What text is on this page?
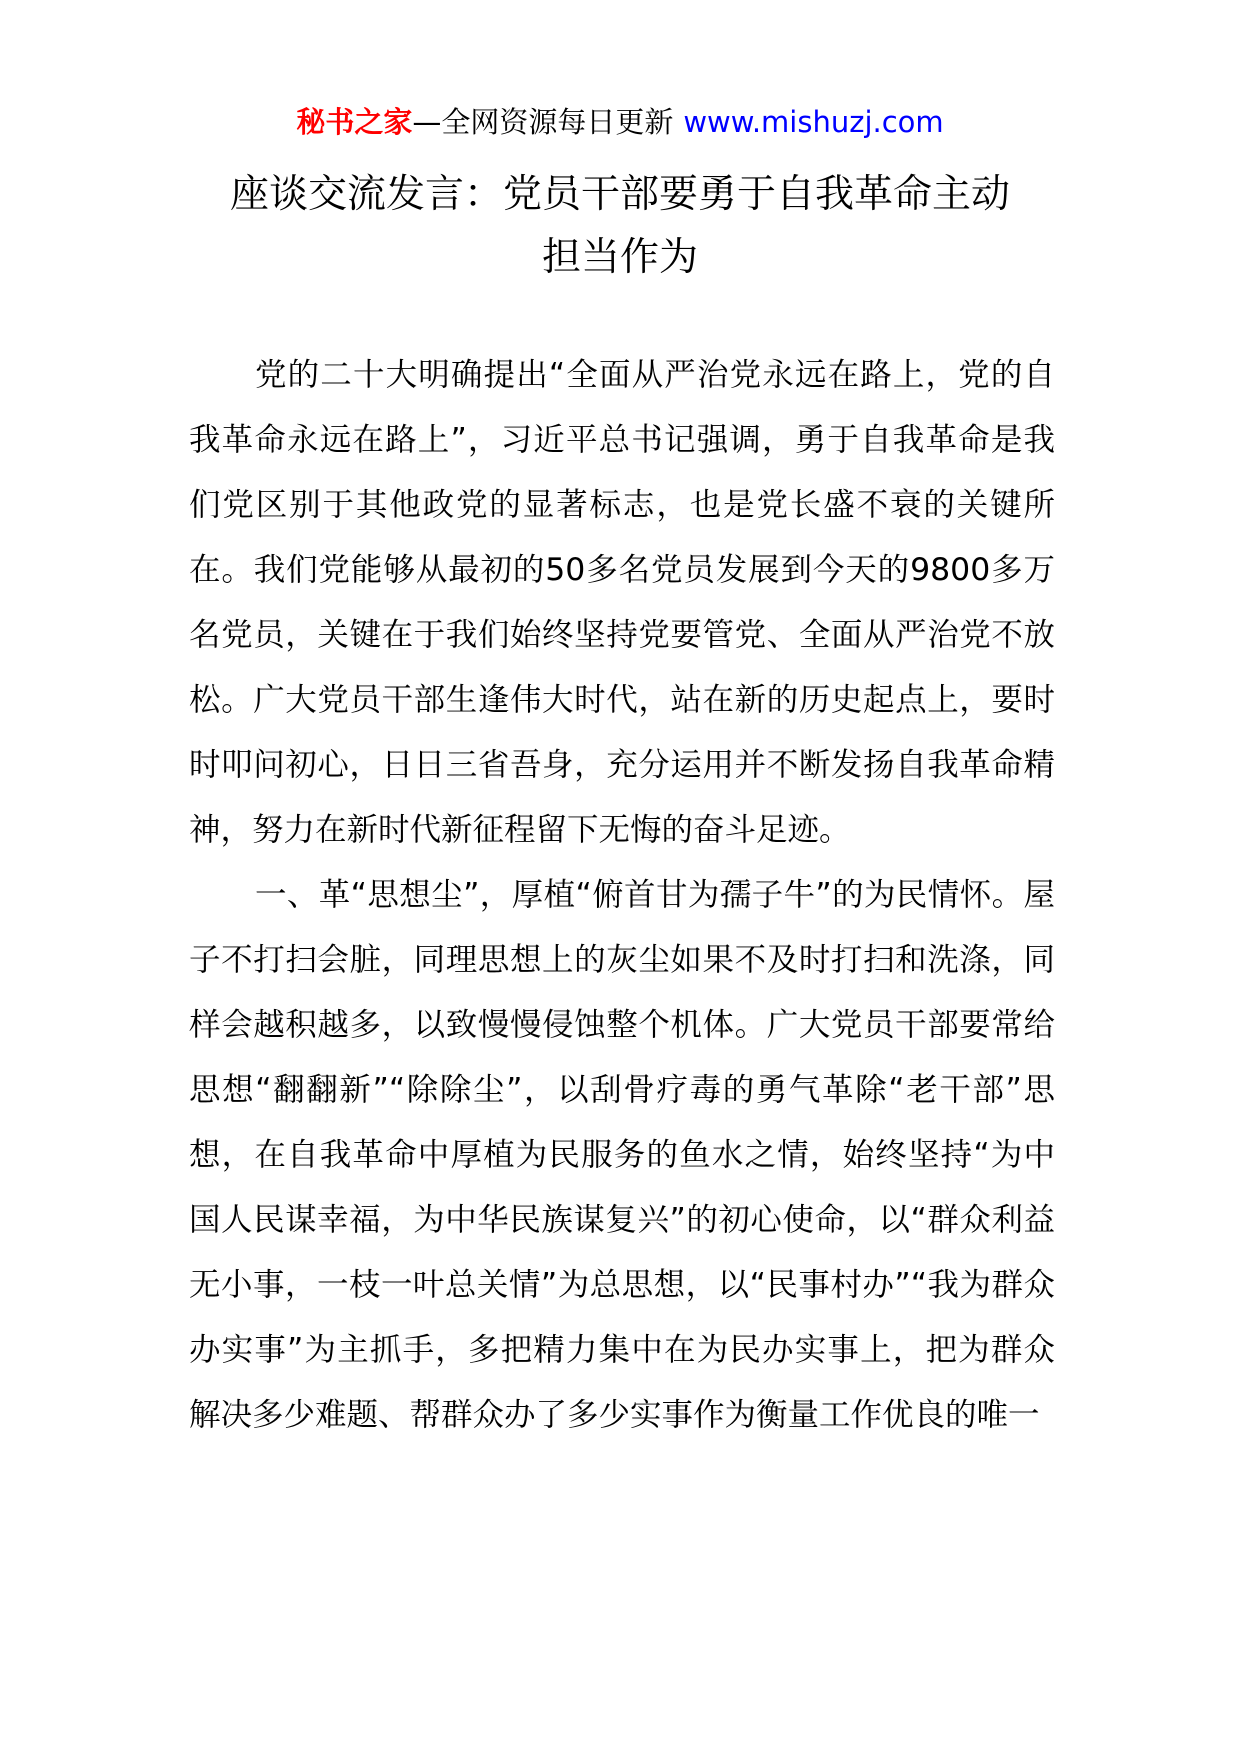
秘书之家—全网资源每日更新 www.mishuzj.com
座谈交流发言：党员干部要勇于自我革命主动
担当作为

党的二十大明确提出“全面从严治党永远在路上，党的自我革命永远在路上”，习近平总书记强调，勇于自我革命是我们党区别于其他政党的显著标志，也是党长盛不衰的关键所在。我们党能够从最初的50多名党员发展到今天的9800多万名党员，关键在于我们始终坚持党要管党、全面从严治党不放松。广大党员干部生逢伟大时代，站在新的历史起点上，要时时叩问初心，日日三省吾身，充分运用并不断发扬自我革命精神，努力在新时代新征程留下无悔的奋斗足迹。

一、革“思想尘”，厚植“俯首甘为孺子牛”的为民情怀。屋子不打扫会脏，同理思想上的灰尘如果不及时打扫和洗涤，同样会越积越多，以致慢慢侵蚀整个机体。广大党员干部要常给思想“翻翻新”“除除尘”，以刮骨疗毒的勇气革除“老干部”思想，在自我革命中厚植为民服务的鱼水之情，始终坚持“为中国人民谋幸福，为中华民族谋复兴”的初心使命，以“群众利益无小事，一枝一叶总关情”为总思想，以“民事村办”“我为群众办实事”为主抓手，多把精力集中在为民办实事上，把为群众解决多少难题、帮群众办了多少实事作为衡量工作优良的唯一
